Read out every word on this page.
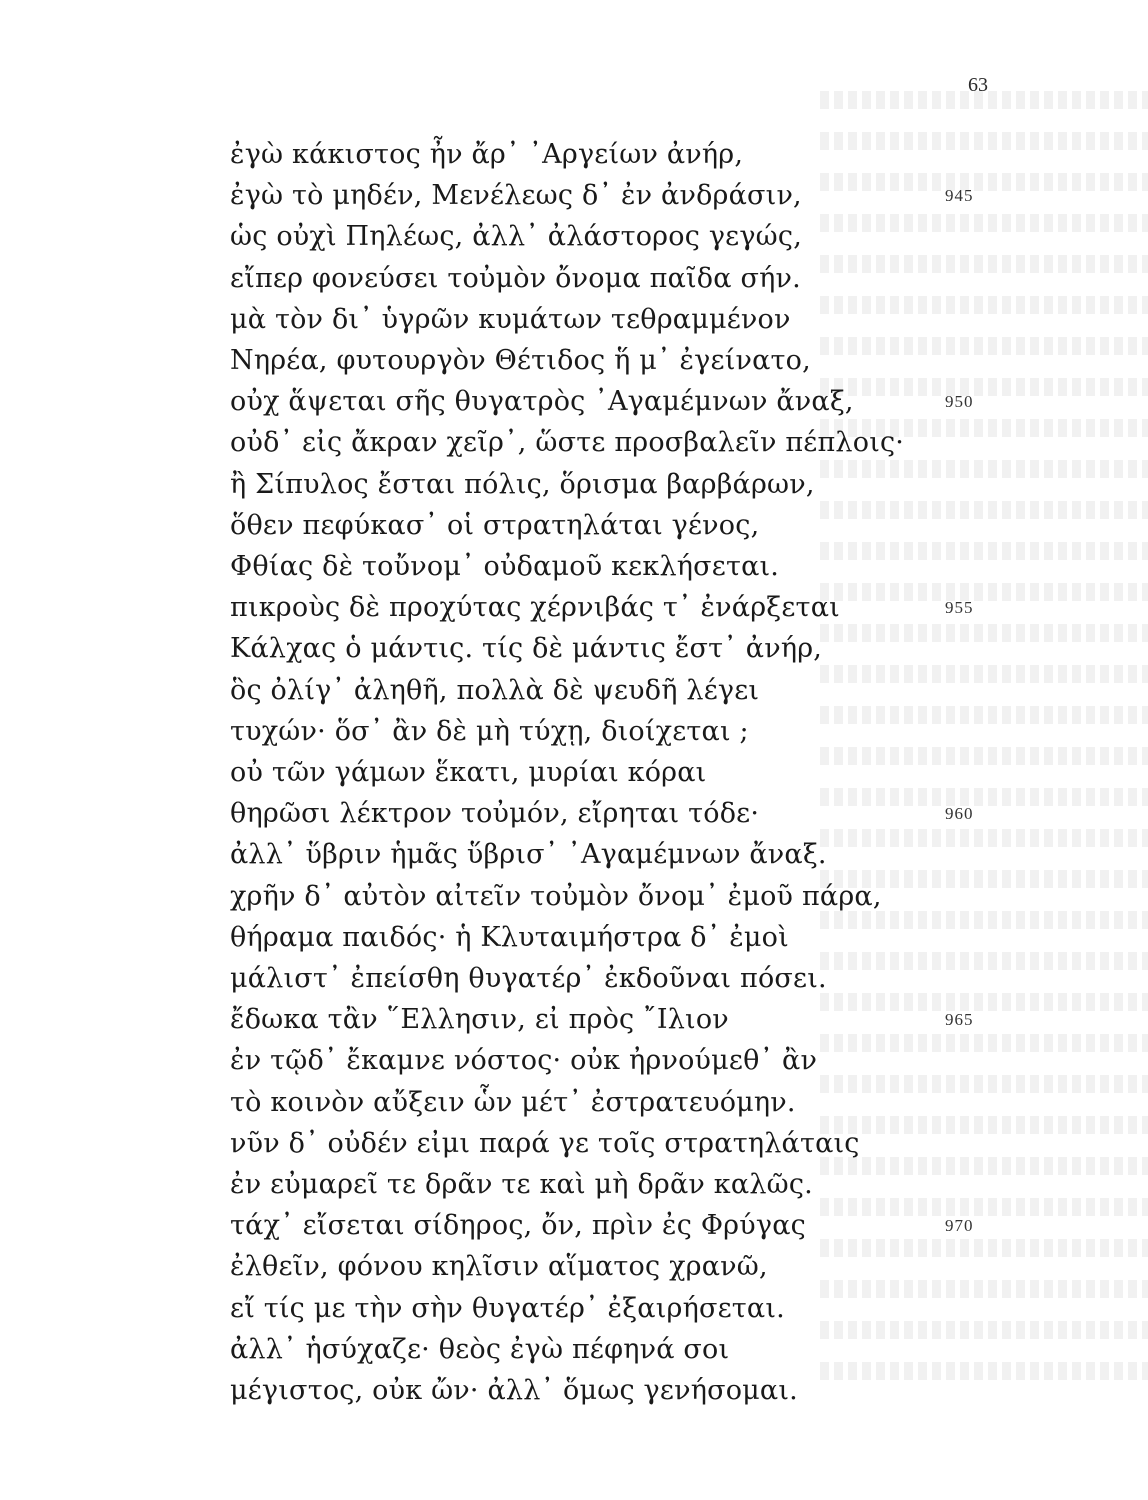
63
ἐγὼ κάκιστος ἦν ἄρ᾽ ᾿Αργείων ἀνήρ,
ἐγὼ τὸ μηδέν, Μενέλεως δ᾽ ἐν ἀνδράσιν,	945
ὡς οὐχὶ Πηλέως, ἀλλ᾽ ἀλάστορος γεγώς,
εἴπερ φονεύσει τοὐμὸν ὄνομα παῖδα σήν.
μὰ τὸν δι᾽ ὑγρῶν κυμάτων τεθραμμένον
Νηρέα, φυτουργὸν Θέτιδος ἥ μ᾽ ἐγείνατο,
οὐχ ἅψεται σῆς θυγατρὸς ᾿Αγαμέμνων ἄναξ,	950
οὐδ᾽ εἰς ἄκραν χεῖρ᾽, ὥστε προσβαλεῖν πέπλοις·
ἢ Σίπυλος ἔσται πόλις, ὅρισμα βαρβάρων,
ὅθεν πεφύκασ᾽ οἱ στρατηλάται γένος,
Φθίας δὲ τοὔνομ᾽ οὐδαμοῦ κεκλήσεται.
πικροὺς δὲ προχύτας χέρνιβάς τ᾽ ἐνάρξεται	955
Κάλχας ὁ μάντις. τίς δὲ μάντις ἔστ᾽ ἀνήρ,
ὃς ὀλίγ᾽ ἀληθῆ, πολλὰ δὲ ψευδῆ λέγει
τυχών· ὅσ᾽ ἂν δὲ μὴ τύχῃ, διοίχεται ;
οὐ τῶν γάμων ἕκατι, μυρίαι κόραι
θηρῶσι λέκτρον τοὐμόν, εἴρηται τόδε·	960
ἀλλ᾽ ὕβριν ἡμᾶς ὕβρισ᾽ ᾿Αγαμέμνων ἄναξ.
χρῆν δ᾽ αὐτὸν αἰτεῖν τοὐμὸν ὄνομ᾽ ἐμοῦ πάρα,
θήραμα παιδός· ἡ Κλυταιμήστρα δ᾽ ἐμοὶ
μάλιστ᾽ ἐπείσθη θυγατέρ᾽ ἐκδοῦναι πόσει.
ἔδωκα τἂν ῞Ελλησιν, εἰ πρὸς ῎Ιλιον	965
ἐν τῷδ᾽ ἔκαμνε νόστος· οὐκ ἠρνούμεθ᾽ ἂν
τὸ κοινὸν αὔξειν ὧν μέτ᾽ ἐστρατευόμην.
νῦν δ᾽ οὐδέν εἰμι παρά γε τοῖς στρατηλάταις
ἐν εὐμαρεῖ τε δρᾶν τε καὶ μὴ δρᾶν καλῶς.
τάχ᾽ εἴσεται σίδηρος, ὄν, πρὶν ἐς Φρύγας	970
ἐλθεῖν, φόνου κηλῖσιν αἵματος χρανῶ,
εἴ τίς με τὴν σὴν θυγατέρ᾽ ἐξαιρήσεται.
ἀλλ᾽ ἡσύχαζε· θεὸς ἐγὼ πέφηνά σοι
μέγιστος, οὐκ ὤν· ἀλλ᾽ ὅμως γενήσομαι.
